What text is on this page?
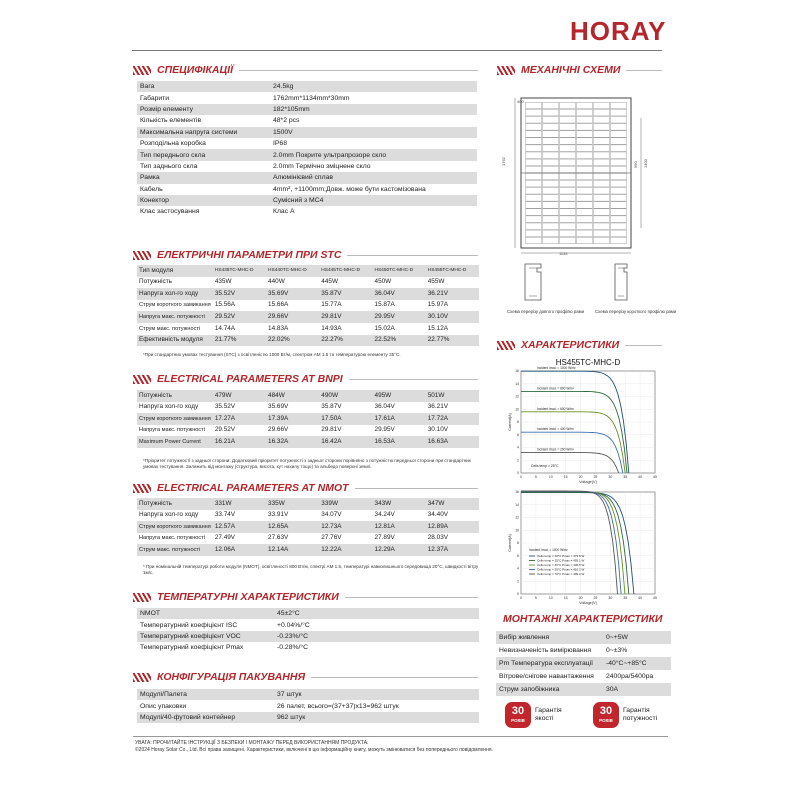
HORAY
СПЕЦИФІКАЦІЇ
Вага	24.5kg
Габарити	1762mm*1134mm*30mm
Розмір елементу	182*105mm
Кількість елементів	48*2 pcs
Максимальна напруга системи	1500V
Розподільна коробка	IP68
Тип переднього скла	2.0mm Покрите ультрапрозоре скло
Тип заднього скла	2.0mm Термічно зміцнене скло
Рамка	Алюмінієвий сплав
Кабель	4mm², +1100mm;Довж. може бути кастомізована
Конектор	Сумісний з МС4
Клас застосування	Клас А
ЕЛЕКТРИЧНІ ПАРАМЕТРИ ПРИ STC
Тип модуля	HS435TC-MHC-D	HS440TC-MHC-D	HS445TC-MHC-D	HS450TC-MHC-D	HS455TC-MHC-D
Потужність	435W	440W	445W	450W	455W
Напруга хол-го ходу	35.52V	35.69V	35.87V	36.04V	36.21V
Струм короткого замикання	15.56A	15.66A	15.77A	15.87A	15.97A
Напруга макс. потужності	29.52V	29.66V	29.81V	29.95V	30.10V
Струм макс. потужності	14.74A	14.83A	14.93A	15.02A	15.12A
Ефективність модуля	21.77%	22.02%	22.27%	22.52%	22.77%
*При стандартних умовах тестування (STC) з освітленістю 1000 Вт/м, спектром AM 1.5 та температурою елементу 25°С.
ELECTRICAL PARAMETERS AT BNPI
Потужність	479W	484W	490W	495W	501W
Напруга хол-го ходу	35.52V	35.69V	35.87V	36.04V	36.21V
Струм короткого замикання	17.27A	17.39A	17.50A	17.61A	17.72A
Напруга макс. потужності	29.52V	29.66V	29.81V	29.95V	30.10V
Maximum Power Current	16.21A	16.32A	16.42A	16.53A	16.63A
*Пріоритет потужності з задньої сторони: Додатковий пріоритет потужності з задньої сторони порівняно з потужністю передньої сторони при стандартних умовах тестування. Залежить від монтажу (структура, висота, кут нахилу тощо) та альбедо поверхні землі.
ELECTRICAL PARAMETERS AT NMOT
Потужність	331W	335W	339W	343W	347W
Напруга хол-го ходу	33.74V	33.91V	34.07V	34.24V	34.40V
Струм короткого замикання	12.57A	12.65A	12.73A	12.81A	12.89A
Напруга макс. потужності	27.49V	27.63V	27.76V	27.89V	28.03V
Струм макс. потужності	12.06A	12.14A	12.22A	12.29A	12.37A
* При номінальній температурі роботи модуля (NMOT), освітленості 800 Вт/м, спектрі AM 1.5, температурі навколишнього середовища 20°С, швидкості вітру 1м/с.
ТЕМПЕРАТУРНІ ХАРАКТЕРИСТИКИ
NMOT	45±2°C
Температурний коефіцієнт ISC	+0.04%/°C
Температурний коефіцієнт VOC	-0.23%/°C
Температурний коефіцієнт Pmax	-0.28%/°C
КОНФІГУРАЦІЯ ПАКУВАННЯ
Модулі/Палета	37 штук
Опис упаковки	26 палет, всього=(37+37)x13=962 штук
Модулі/40-футовий контейнер	962 штук
МЕХАНІЧНІ СХЕМИ
1762
1134
1400
990
400
Схема перерізу довгого профілю рами	Схема перерізу короткого профілю рами
ХАРАКТЕРИСТИКИ
HS455TC-MHC-D
0	5	10	15	20	25	30	35	40	45
0
2
4
6
8
10
12
14
16
Voltage(V)
Current(A)
Incident Irrad. = 1000 W/m²
Incident Irrad. = 800 W/m²
Incident Irrad. = 600 W/m²
Incident Irrad. = 400 W/m²
Incident Irrad. = 200 W/m²
Cells temp = 25°C
0	5	10	15	20	25	30	35	40	45
0
2
4
6
8
10
12
14
16
Voltage(V)
Current(A)
Cells temp = 10°C Pmax = 473.5 W
Cells temp = 25°C Pmax = 455.1 W
Cells temp = 40°C Pmax = 436.5 W
Cells temp = 55°C Pmax = 416.2 W
Cells temp = 70°C Pmax = 399.0 W
Incident Irrad. = 1000 W/m²
МОНТАЖНІ ХАРАКТЕРИСТИКИ
Вибір живлення	0~+5W
Невизначеність вимірювання	0~±3%
Рm Температура експлуатації	-40°C~+85°C
Вітрове/снігове навантаження	2400pa/5400pa
Струм запобіжника	30A
30
РОКІВ
Гарантія якості
30
РОКІВ
Гарантія потужності
УВАГА: ПРОЧИТАЙТЕ ІНСТРУКЦІЇ З БЕЗПЕКИ І МОНТАЖУ ПЕРЕД ВИКОРИСТАННЯМ ПРОДУКТА.
©2024 Horay Solar Co., Ltd. Всі права захищені. Характеристики, включені в цю інформаційну книгу, можуть змінюватися без попереднього повідомлення.
